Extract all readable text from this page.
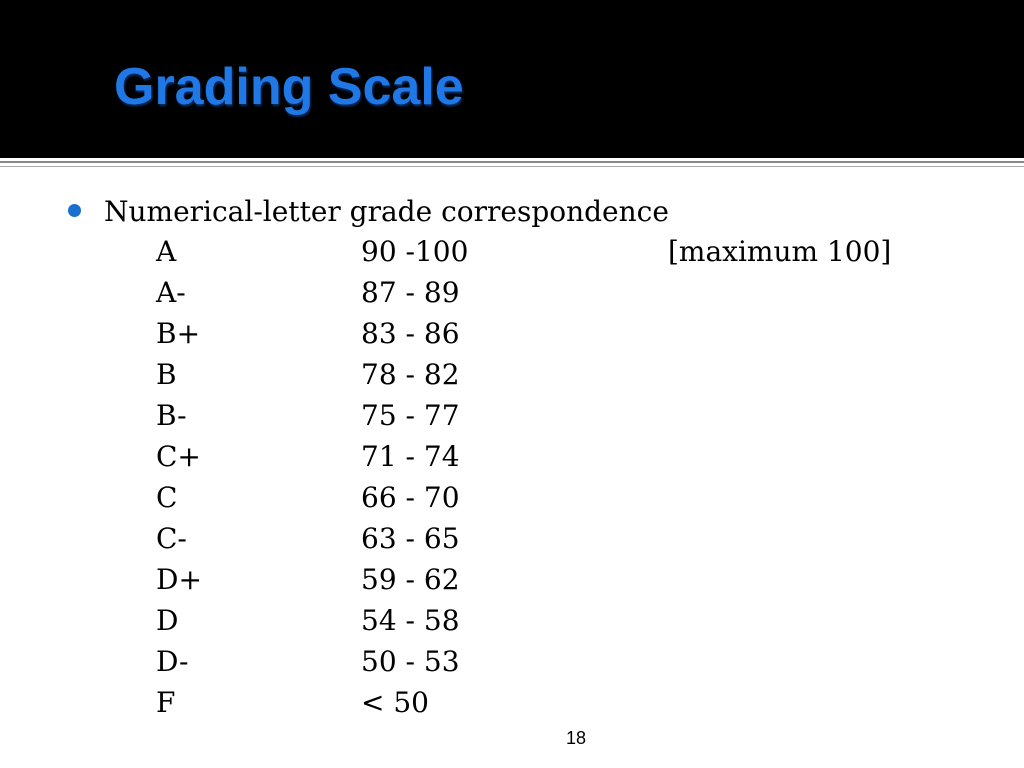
Grading Scale
Numerical-letter grade correspondence
A	90 -100	[maximum 100]
A-	87 - 89
B+	83 - 86
B	78 - 82
B-	75 - 77
C+	71 - 74
C	66 - 70
C-	63 - 65
D+	59 - 62
D	54 - 58
D-	50 - 53
F	< 50
18
